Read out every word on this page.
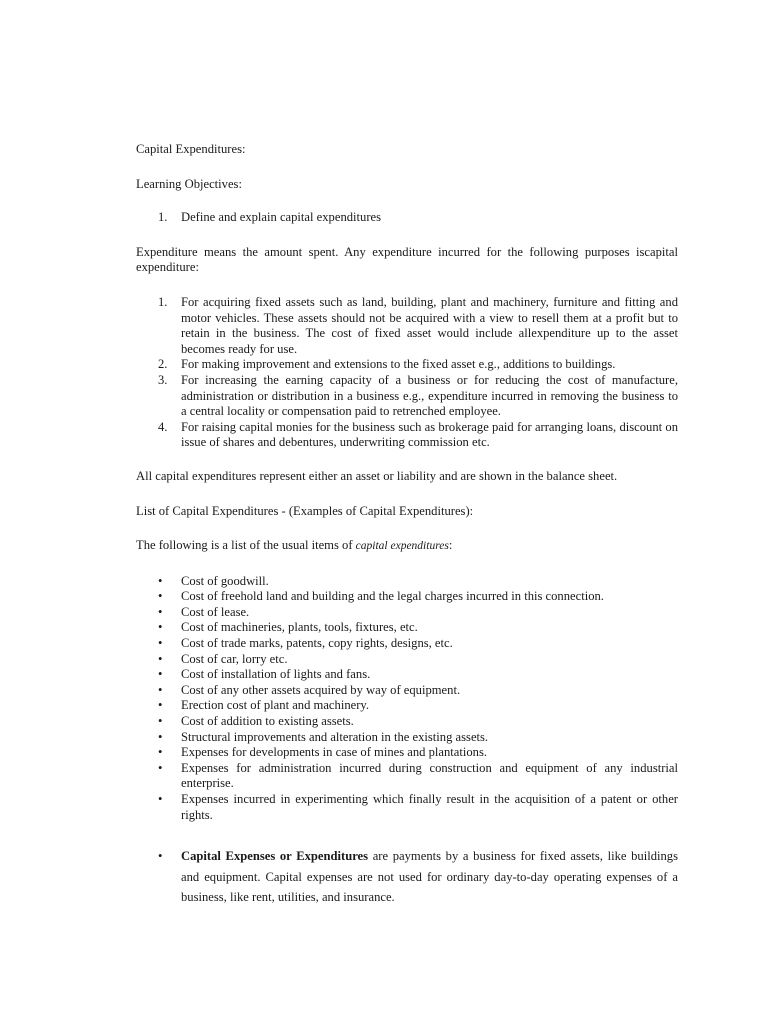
Capital Expenditures:

Learning Objectives:

1. Define and explain capital expenditures

Expenditure means the amount spent. Any expenditure incurred for the following purposes iscapital expenditure:

1. For acquiring fixed assets such as land, building, plant and machinery, furniture and fitting and motor vehicles. These assets should not be acquired with a view to resell them at a profit but to retain in the business. The cost of fixed asset would include allexpenditure up to the asset becomes ready for use.
2. For making improvement and extensions to the fixed asset e.g., additions to buildings.
3. For increasing the earning capacity of a business or for reducing the cost of manufacture, administration or distribution in a business e.g., expenditure incurred in removing the business to a central locality or compensation paid to retrenched employee.
4. For raising capital monies for the business such as brokerage paid for arranging loans, discount on issue of shares and debentures, underwriting commission etc.

All capital expenditures represent either an asset or liability and are shown in the balance sheet.

List of Capital Expenditures - (Examples of Capital Expenditures):

The following is a list of the usual items of capital expenditures:

• Cost of goodwill.
• Cost of freehold land and building and the legal charges incurred in this connection.
• Cost of lease.
• Cost of machineries, plants, tools, fixtures, etc.
• Cost of trade marks, patents, copy rights, designs, etc.
• Cost of car, lorry etc.
• Cost of installation of lights and fans.
• Cost of any other assets acquired by way of equipment.
• Erection cost of plant and machinery.
• Cost of addition to existing assets.
• Structural improvements and alteration in the existing assets.
• Expenses for developments in case of mines and plantations.
• Expenses for administration incurred during construction and equipment of any industrial enterprise.
• Expenses incurred in experimenting which finally result in the acquisition of a patent or other rights.
• Capital Expenses or Expenditures are payments by a business for fixed assets, like buildings and equipment. Capital expenses are not used for ordinary day-to-day operating expenses of a business, like rent, utilities, and insurance.
